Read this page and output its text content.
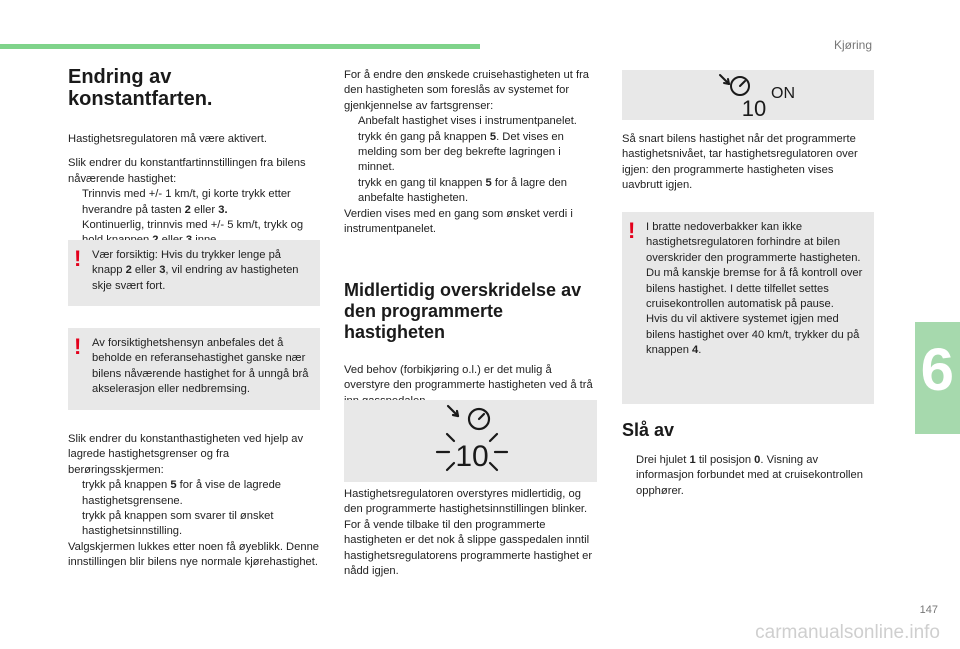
Kjøring
6
147
carmanualsonline.info
Endring av konstantfarten.

Hastighetsregulatoren må være aktivert.

Slik endrer du konstantfartinnstillingen fra bilens nåværende hastighet:

Trinnvis med +/- 1 km/t, gi korte trykk etter hverandre på tasten 2 eller 3.
Kontinuerlig, trinnvis med +/- 5 km/t, trykk og
! Vær forsiktig: Hvis du trykker lenge på knapp 2 eller 3, vil endring av hastigheten skje svært fort.
! Av forsiktighetshensyn anbefales det å beholde en referansehastighet ganske nær bilens nåværende hastighet for å unngå brå akselerasjon eller nedbremsing.

Slik endrer du konstanthastigheten ved hjelp av lagrede hastighetsgrenser og fra berøringsskjermen:

trykk på knappen 5 for å vise de lagrede hastighetsgrensene.
trykk på knappen som svarer til ønsket hastighetsinnstilling.

Valgskjermen lukkes etter noen få øyeblikk. Denne innstillingen blir bilens nye normale kjørehastighet.

For å endre den ønskede cruisehastigheten ut fra den hastigheten som foreslås av systemet for gjenkjennelse av fartsgrenser:

Anbefalt hastighet vises i instrumentpanelet.
trykk én gang på knappen 5. Det vises en melding som ber deg bekrefte lagringen i minnet.
trykk en gang til knappen 5 for å lagre den anbefalte hastigheten.

Verdien vises med en gang som ønsket verdi i instrumentpanelet.

Midlertidig overskridelse av den programmerte hastigheten

Ved behov (forbikjøring o.l.) er det mulig å overstyre den programmerte hastigheten ved å trå

10

Hastighetsregulatoren overstyres midlertidig, og den programmerte hastighetsinnstillingen blinker.

For å vende tilbake til den programmerte hastigheten er det nok å slippe gasspedalen inntil hastighetsregulatorens programmerte hastighet er nådd igjen.

ON
10

Så snart bilens hastighet når det programmerte hastighetsnivået, tar hastighetsregulatoren over igjen: den programmerte hastigheten vises uavbrutt igjen.

! I bratte nedoverbakker kan ikke hastighetsregulatoren forhindre at bilen overskrider den programmerte hastigheten.
Du må kanskje bremse for å få kontroll over bilens hastighet. I dette tilfellet settes cruisekontrollen automatisk på pause.
Hvis du vil aktivere systemet igjen med bilens hastighet over 40 km/t, trykker du på knappen 4.
Slå av
Drei hjulet 1 til posisjon 0. Visning av informasjon forbundet med at cruisekontrollen opphører.
